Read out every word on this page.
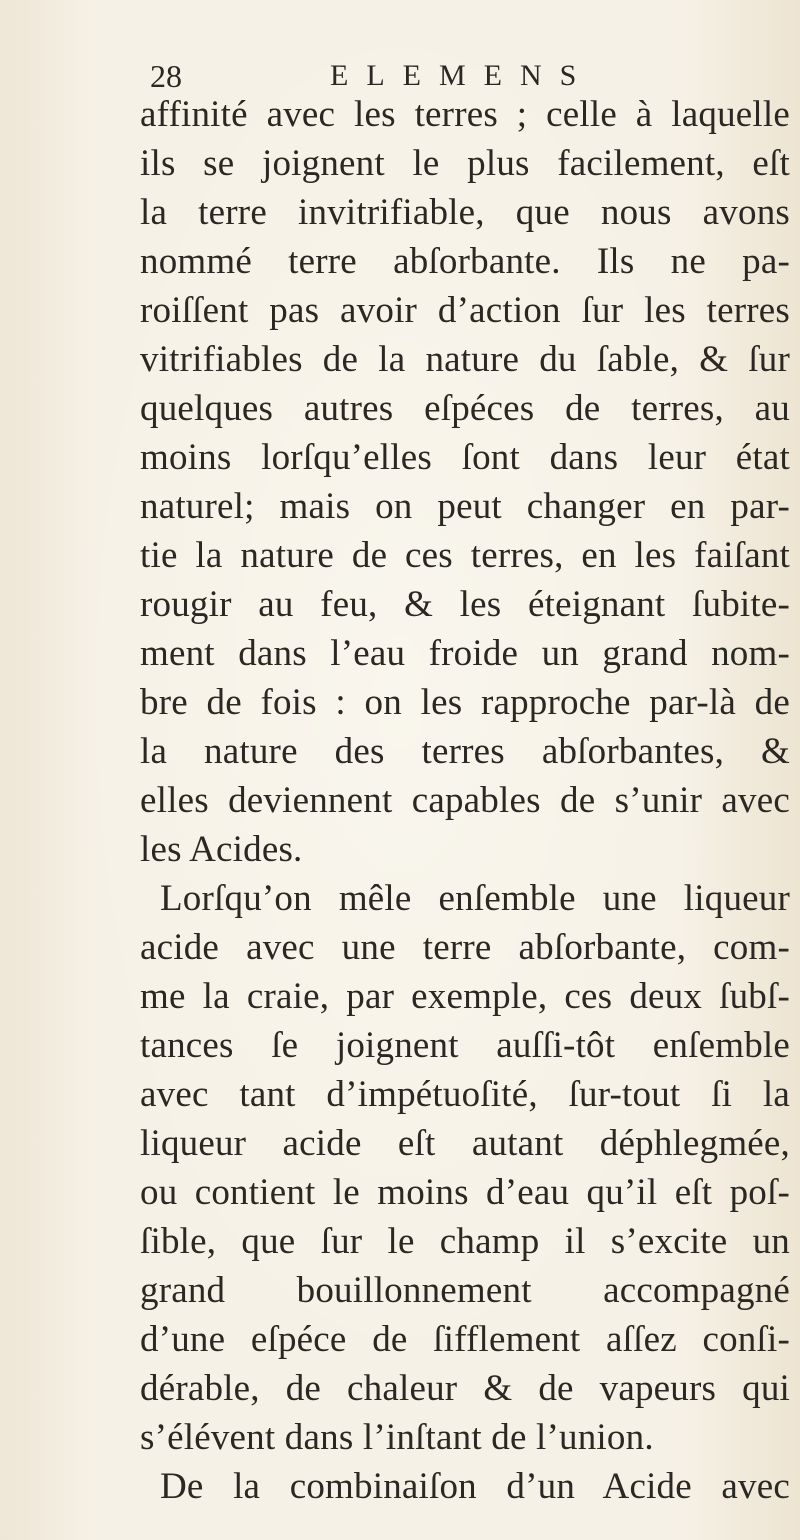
28	ELEMENS
affinité avec les terres ; celle à laquelle
ils se joignent le plus facilement, eſt
la terre invitrifiable, que nous avons
nommé terre abſorbante. Ils ne pa-
roiſſent pas avoir d’action ſur les terres
vitrifiables de la nature du ſable, & ſur
quelques autres eſpéces de terres, au
moins lorſqu’elles ſont dans leur état
naturel; mais on peut changer en par-
tie la nature de ces terres, en les faiſant
rougir au feu, & les éteignant ſubite-
ment dans l’eau froide un grand nom-
bre de fois : on les rapproche par-là de
la nature des terres abſorbantes, &
elles deviennent capables de s’unir avec
les Acides.
Lorſqu’on mêle enſemble une liqueur
acide avec une terre abſorbante, com-
me la craie, par exemple, ces deux ſubſ-
tances ſe joignent auſſi-tôt enſemble
avec tant d’impétuoſité, ſur-tout ſi la
liqueur acide eſt autant déphlegmée,
ou contient le moins d’eau qu’il eſt poſ-
ſible, que ſur le champ il s’excite un
grand bouillonnement accompagné
d’une eſpéce de ſifflement aſſez conſi-
dérable, de chaleur & de vapeurs qui
s’élévent dans l’inſtant de l’union.
De la combinaiſon d’un Acide avec
